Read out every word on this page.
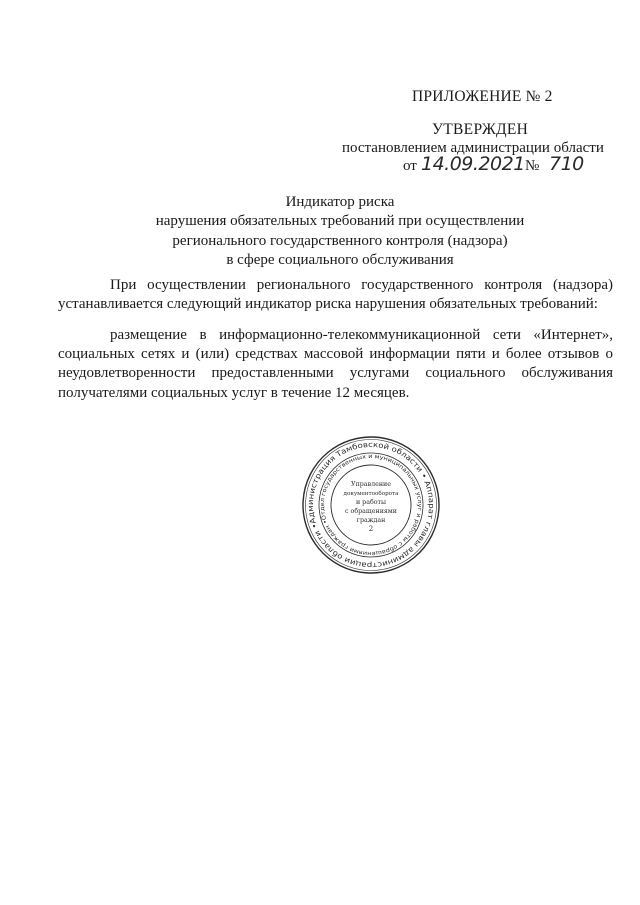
ПРИЛОЖЕНИЕ № 2
УТВЕРЖДЕН
постановлением администрации области
от 14.09.2021 № 710
Индикатор риска
нарушения обязательных требований при осуществлении
регионального государственного контроля (надзора)
в сфере социального обслуживания
При осуществлении регионального государственного контроля (надзора) устанавливается следующий индикатор риска нарушения обязательных требований:
размещение в информационно-телекоммуникационной сети «Интернет», социальных сетях и (или) средствах массовой информации пяти и более отзывов о неудовлетворенности предоставленными услугами социального обслуживания получателями социальных услуг в течение 12 месяцев.
Администрация Тамбовской области • Аппарат главы администрации области •
Отдел государственных и муниципальных услуг и работы с обращениями граждан •
Управление
документооборота
и работы
с обращениями
граждан
2
